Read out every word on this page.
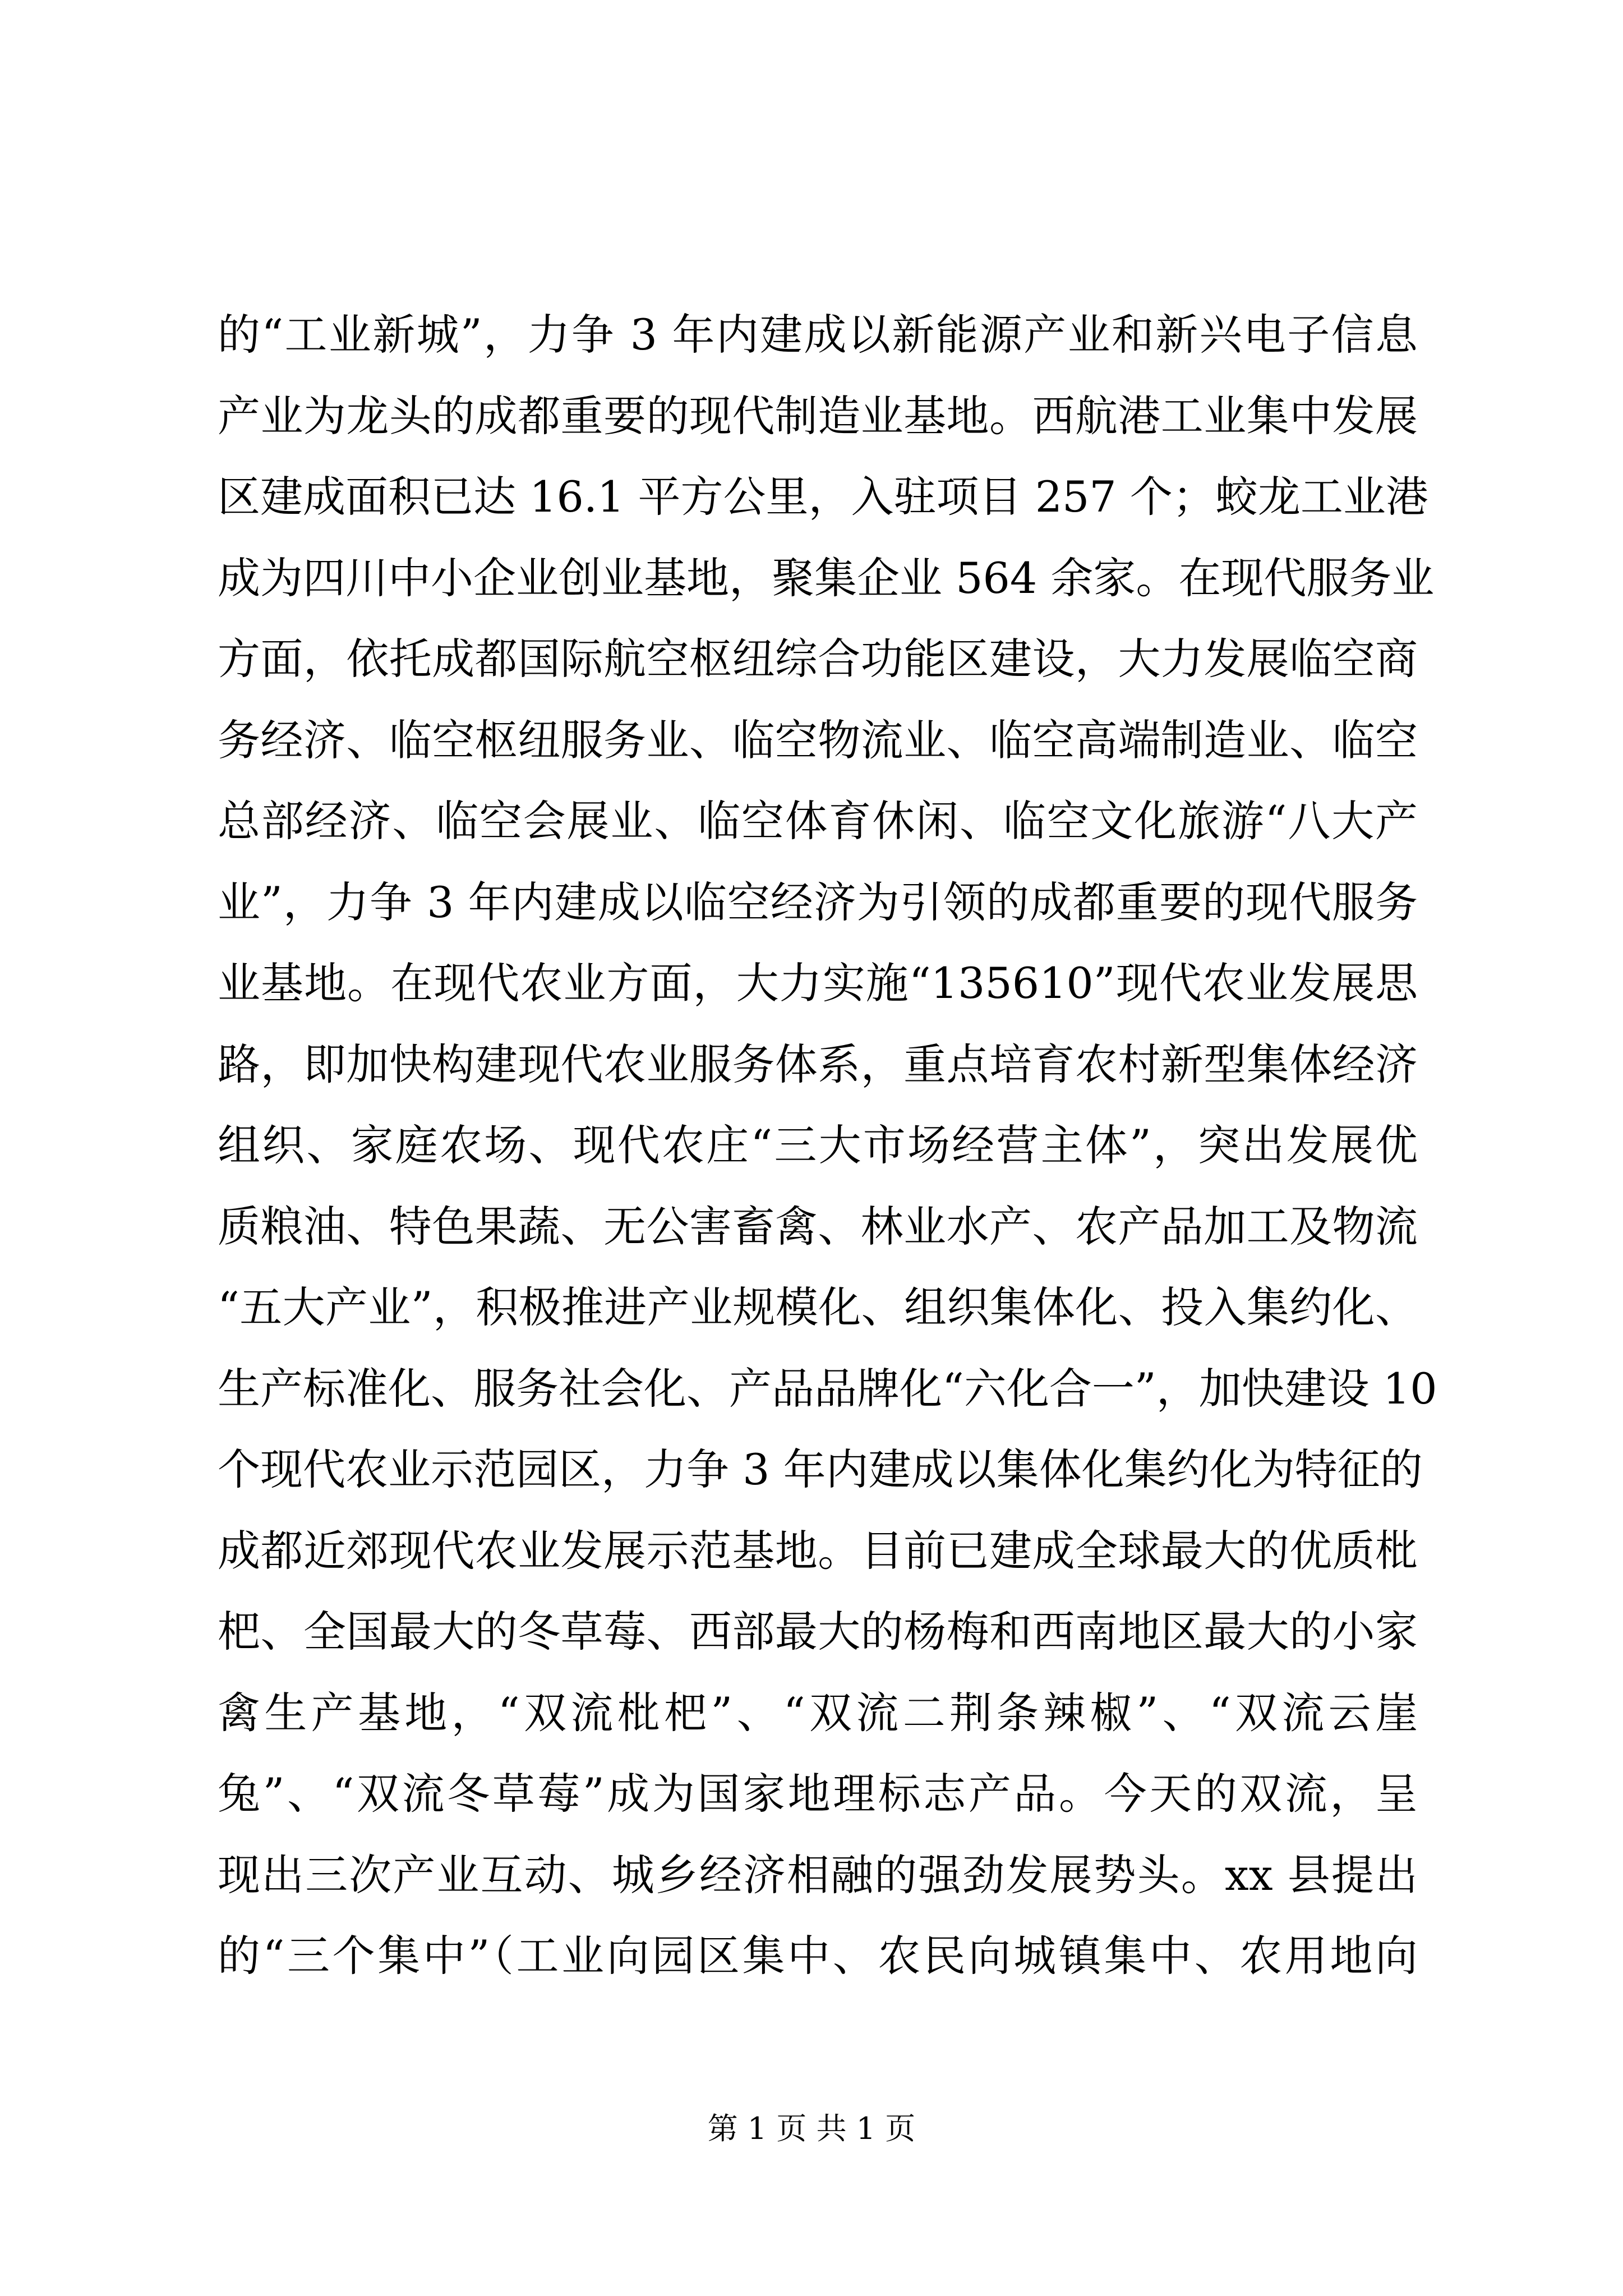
的“工业新城”，力争 3 年内建成以新能源产业和新兴电子信息
产业为龙头的成都重要的现代制造业基地。西航港工业集中发展
区建成面积已达 16.1 平方公里，入驻项目 257 个；蛟龙工业港
成为四川中小企业创业基地，聚集企业 564 余家。在现代服务业
方面，依托成都国际航空枢纽综合功能区建设，大力发展临空商
务经济、临空枢纽服务业、临空物流业、临空高端制造业、临空
总部经济、临空会展业、临空体育休闲、临空文化旅游“八大产
业”，力争 3 年内建成以临空经济为引领的成都重要的现代服务
业基地。在现代农业方面，大力实施“135610”现代农业发展思
路，即加快构建现代农业服务体系，重点培育农村新型集体经济
组织、家庭农场、现代农庄“三大市场经营主体”，突出发展优
质粮油、特色果蔬、无公害畜禽、林业水产、农产品加工及物流
“五大产业”，积极推进产业规模化、组织集体化、投入集约化、
生产标准化、服务社会化、产品品牌化“六化合一”，加快建设 10
个现代农业示范园区，力争 3 年内建成以集体化集约化为特征的
成都近郊现代农业发展示范基地。目前已建成全球最大的优质枇
杷、全国最大的冬草莓、西部最大的杨梅和西南地区最大的小家
禽生产基地，“双流枇杷”、“双流二荆条辣椒”、“双流云崖
兔”、“双流冬草莓”成为国家地理标志产品。今天的双流，呈
现出三次产业互动、城乡经济相融的强劲发展势头。xx 县提出
的“三个集中”（工业向园区集中、农民向城镇集中、农用地向
第 1 页 共 1 页
